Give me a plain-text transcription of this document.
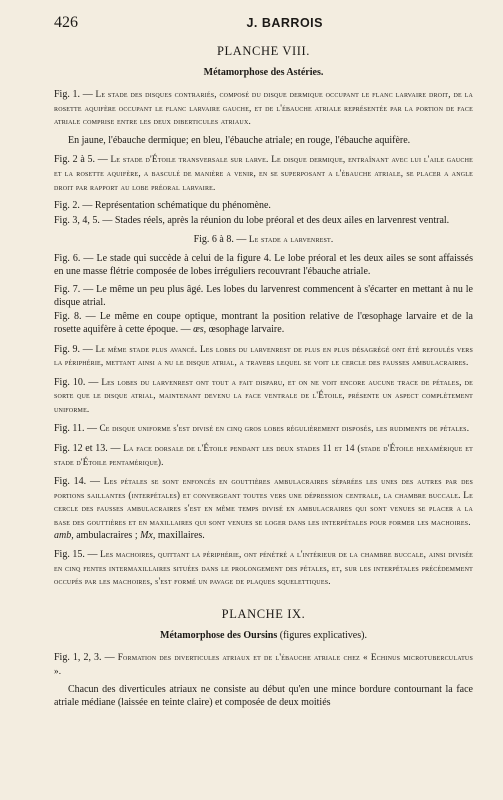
426	J. BARROIS
PLANCHE VIII.
Métamorphose des Astéries.

Fig. 1. — Le stade des disques contrariés, composé du disque dermique occupant le flanc larvaire droit, de la rosette aquifère occupant le flanc larvaire gauche, et de l'ébauche atriale représentée par la portion de face atriale comprise entre les deux diberticules atriaux.

En jaune, l'ébauche dermique; en bleu, l'ébauche atriale; en rouge, l'ébauche aquifère.

Fig. 2 à 5. — Le stade d'Étoile transversale sur larve. Le disque dermique, entraînant avec lui l'aile gauche et la rosette aquifère, a basculé de manière a venir, en se superposant a l'ébauche atriale, se placer a angle droit par rapport au lobe préoral larvaire.

Fig. 2. — Représentation schématique du phénomène.

Fig. 3, 4, 5. — Stades réels, après la réunion du lobe préoral et des deux ailes en larvenrest ventral.

Fig. 6 à 8. — Le stade a larvenrest.

Fig. 6. — Le stade qui succède à celui de la figure 4. Le lobe préoral et les deux ailes se sont affaissés en une masse flétrie composée de lobes irréguliers recouvrant l'ébauche atriale.

Fig. 7. — Le même un peu plus âgé. Les lobes du larvenrest commencent à s'écarter en mettant à nu le disque atrial.

Fig. 8. — Le même en coupe optique, montrant la position relative de l'œsophage larvaire et de la rosette aquifère à cette époque. — œs, œsophage larvaire.

Fig. 9. — Le même stade plus avancé. Les lobes du larvenrest de plus en plus désagrégé ont été refoulés vers la périphérie, mettant ainsi a nu le disque atrial, a travers lequel se voit le cercle des fausses ambulacraires.

Fig. 10. — Les lobes du larvenrest ont tout a fait disparu, et on ne voit encore aucune trace de pétales, de sorte que le disque atrial, maintenant devenu la face ventrale de l'Étoile, présente un aspect complètement uniforme.

Fig. 11. — Ce disque uniforme s'est divisé en cinq gros lobes régulièrement disposés, les rudiments de pétales.

Fig. 12 et 13. — La face dorsale de l'Étoile pendant les deux stades 11 et 14 (stade d'Étoile hexamérique et stade d'Étoile pentamérique).

Fig. 14. — Les pétales se sont enfoncés en gouttières ambulacraires séparées les unes des autres par des portions saillantes (interpétales) et convergeant toutes vers une dépression centrale, la chambre buccale. Le cercle des fausses ambulacraires s'est en même temps divisé en ambulacraires qui sont venues se placer a la base des gouttières et en maxillaires qui sont venues se loger dans les interpétales pour former les machoires.

amb, ambulacraires ; Mx, maxillaires.

Fig. 15. — Les machoires, quittant la périphérie, ont pénétré a l'intérieur de la chambre buccale, ainsi divisée en cinq fentes intermaxillaires situées dans le prolongement des pétales, et, sur les interpétales précédemment occupés par les machoires, s'est formé un pavage de plaques squelettiques.

PLANCHE IX.
Métamorphose des Oursins (figures explicatives).

Fig. 1, 2, 3. — Formation des diverticules atriaux et de l'ébauche atriale chez « Echinus microtuberculatus ».

Chacun des diverticules atriaux ne consiste au début qu'en une mince bordure contournant la face atriale médiane (laissée en teinte claire) et composée de deux moitiés
